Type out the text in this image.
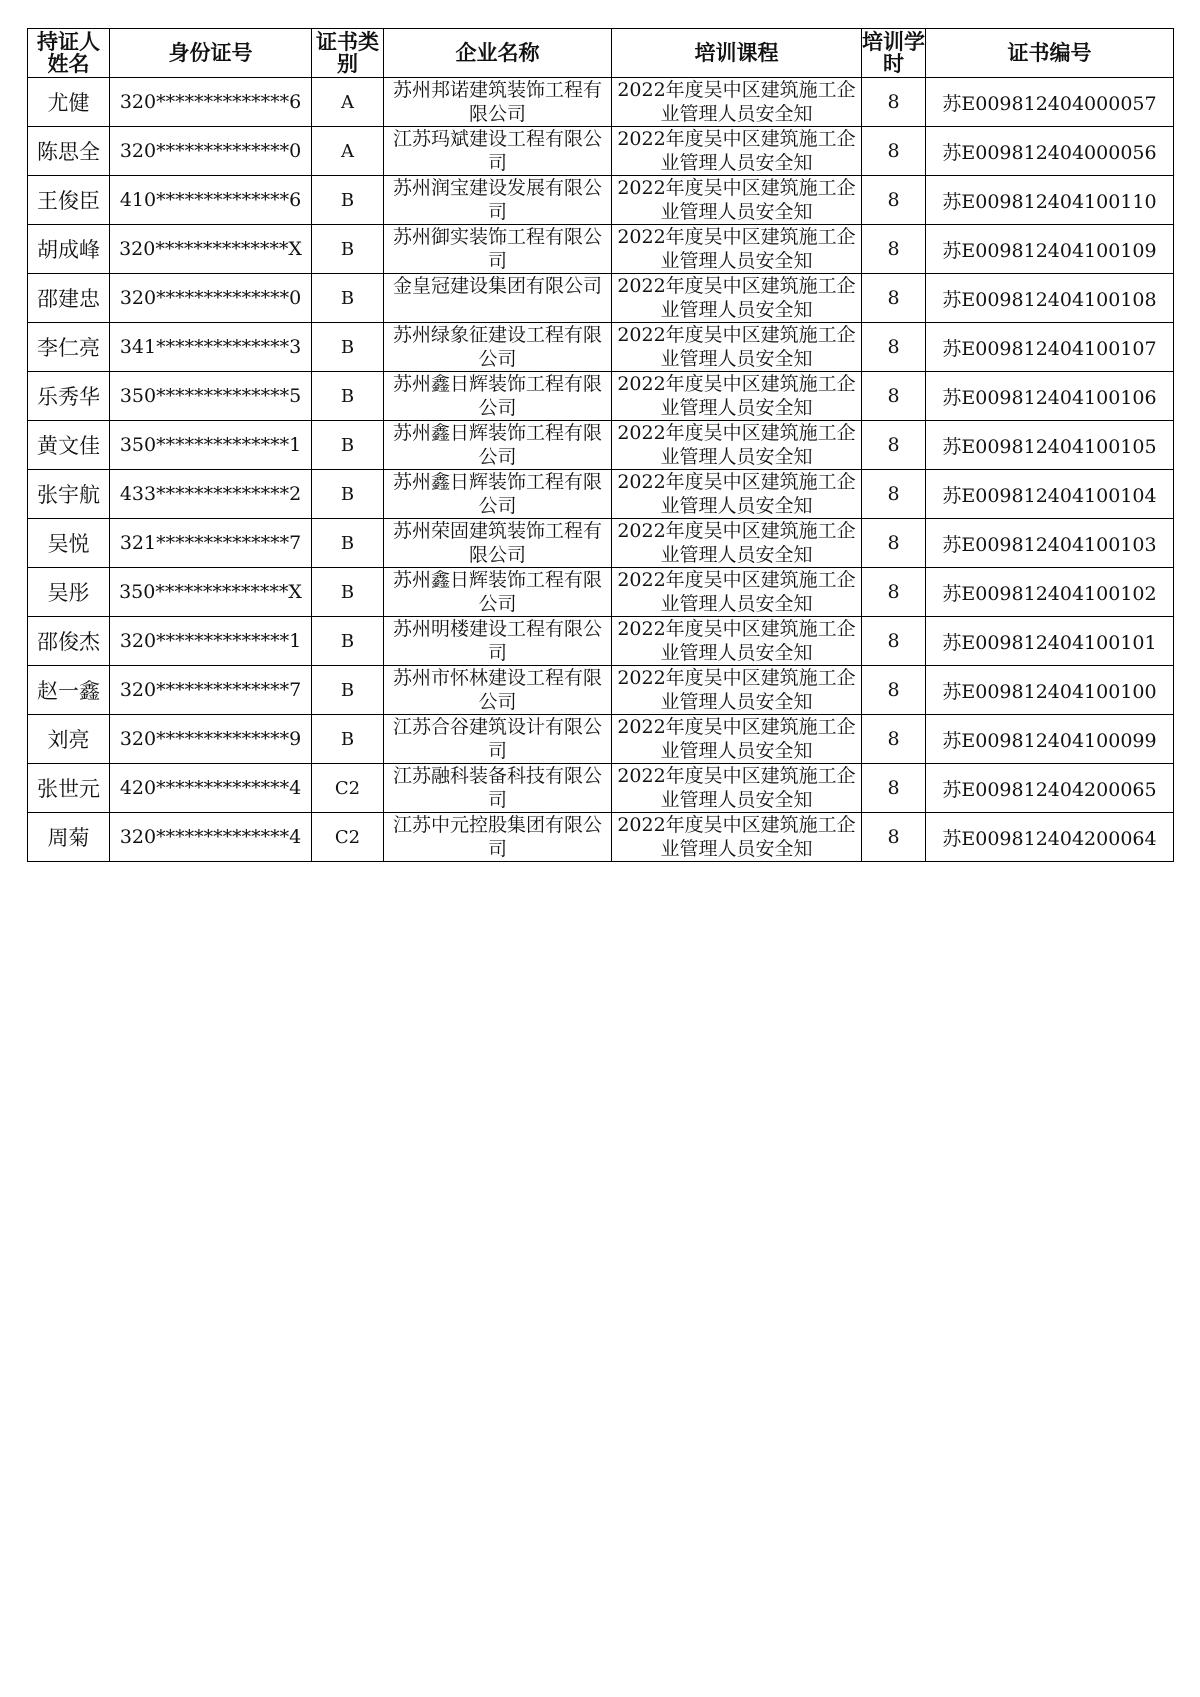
持证人姓名	身份证号	证书类别	企业名称	培训课程	培训学时	证书编号
尤健	320**************6	A	苏州邦诺建筑装饰工程有限公司	2022年度吴中区建筑施工企业管理人员安全知	8	苏E009812404000057
陈思全	320**************0	A	江苏玛斌建设工程有限公司	2022年度吴中区建筑施工企业管理人员安全知	8	苏E009812404000056
王俊臣	410**************6	B	苏州润宝建设发展有限公司	2022年度吴中区建筑施工企业管理人员安全知	8	苏E009812404100110
胡成峰	320**************X	B	苏州御实装饰工程有限公司	2022年度吴中区建筑施工企业管理人员安全知	8	苏E009812404100109
邵建忠	320**************0	B	金皇冠建设集团有限公司	2022年度吴中区建筑施工企业管理人员安全知	8	苏E009812404100108
李仁亮	341**************3	B	苏州绿象征建设工程有限公司	2022年度吴中区建筑施工企业管理人员安全知	8	苏E009812404100107
乐秀华	350**************5	B	苏州鑫日辉装饰工程有限公司	2022年度吴中区建筑施工企业管理人员安全知	8	苏E009812404100106
黄文佳	350**************1	B	苏州鑫日辉装饰工程有限公司	2022年度吴中区建筑施工企业管理人员安全知	8	苏E009812404100105
张宇航	433**************2	B	苏州鑫日辉装饰工程有限公司	2022年度吴中区建筑施工企业管理人员安全知	8	苏E009812404100104
吴悦	321**************7	B	苏州荣固建筑装饰工程有限公司	2022年度吴中区建筑施工企业管理人员安全知	8	苏E009812404100103
吴彤	350**************X	B	苏州鑫日辉装饰工程有限公司	2022年度吴中区建筑施工企业管理人员安全知	8	苏E009812404100102
邵俊杰	320**************1	B	苏州明楼建设工程有限公司	2022年度吴中区建筑施工企业管理人员安全知	8	苏E009812404100101
赵一鑫	320**************7	B	苏州市怀林建设工程有限公司	2022年度吴中区建筑施工企业管理人员安全知	8	苏E009812404100100
刘亮	320**************9	B	江苏合谷建筑设计有限公司	2022年度吴中区建筑施工企业管理人员安全知	8	苏E009812404100099
张世元	420**************4	C2	江苏融科装备科技有限公司	2022年度吴中区建筑施工企业管理人员安全知	8	苏E009812404200065
周菊	320**************4	C2	江苏中元控股集团有限公司	2022年度吴中区建筑施工企业管理人员安全知	8	苏E009812404200064
